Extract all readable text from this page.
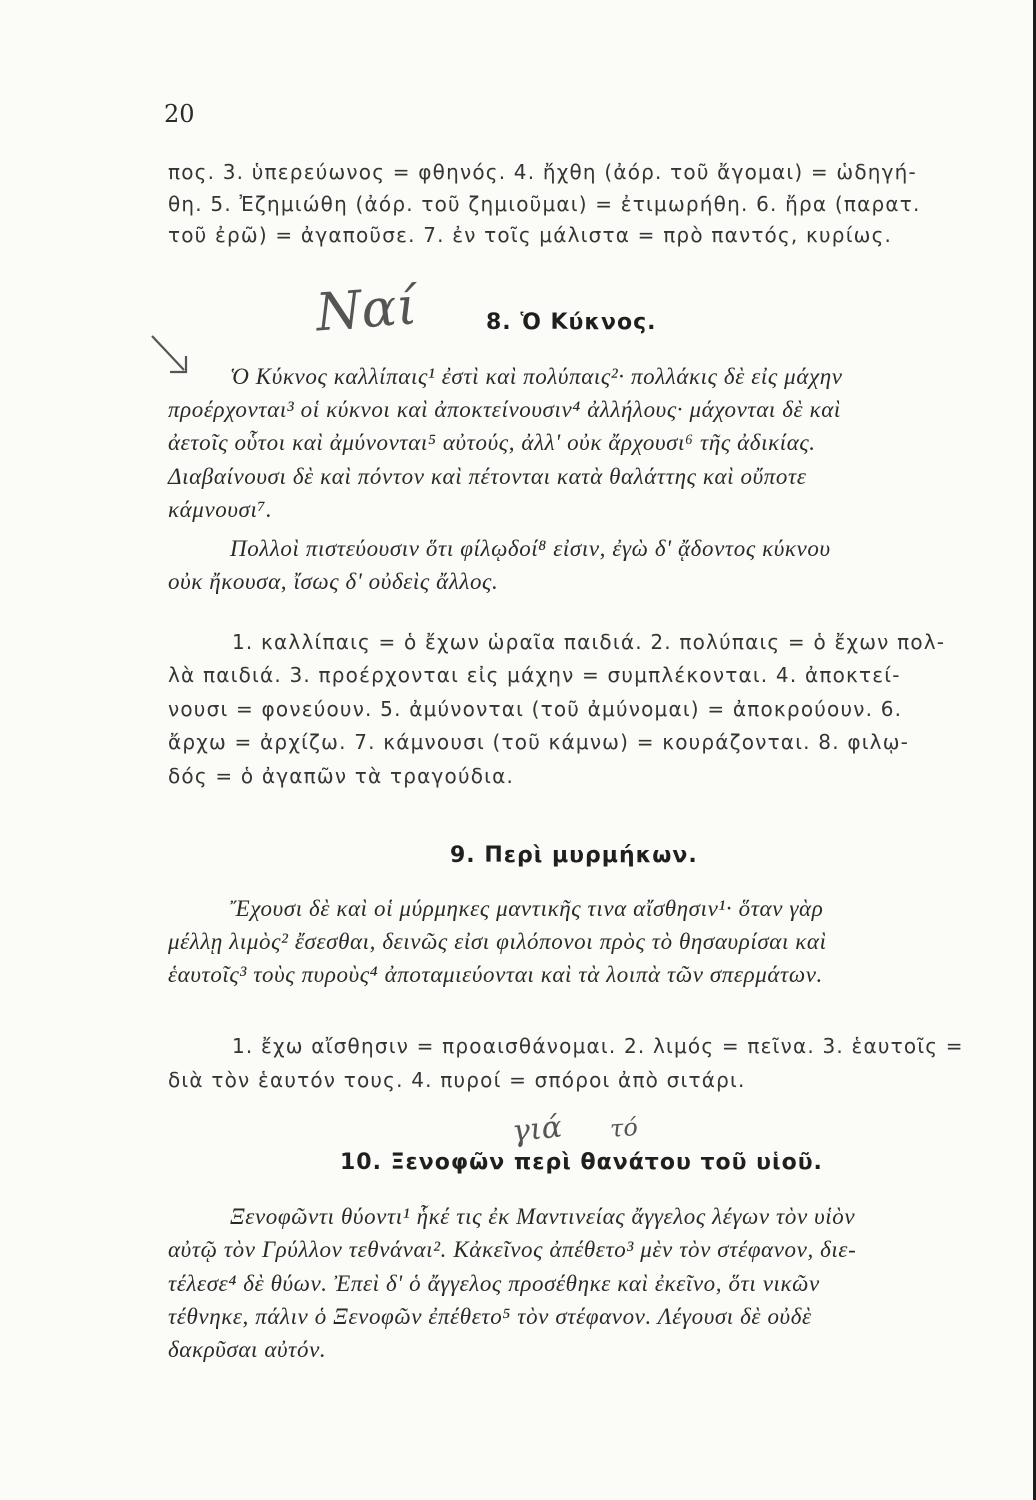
20
πος. 3. ὑπερεύωνος = φθηνός. 4. ἤχθη (ἀόρ. τοῦ ἄγομαι) = ὡδηγή-
θη. 5. Ἐζημιώθη (ἀόρ. τοῦ ζημιοῦμαι) = ἐτιμωρήθη. 6. ἤρα (παρατ.
τοῦ ἐρῶ) = ἀγαποῦσε. 7. ἐν τοῖς μάλιστα = πρὸ παντός, κυρίως.
Ναί	8. Ὁ Κύκνος.
Ὁ Κύκνος καλλίπαις¹ ἐστὶ καὶ πολύπαις²· πολλάκις δὲ εἰς μάχην
προέρχονται³ οἱ κύκνοι καὶ ἀποκτείνουσιν⁴ ἀλλήλους· μάχονται δὲ καὶ
ἀετοῖς οὗτοι καὶ ἀμύνονται⁵ αὐτούς, ἀλλ' οὐκ ἄρχουσι⁶ τῆς ἀδικίας.
Διαβαίνουσι δὲ καὶ πόντον καὶ πέτονται κατὰ θαλάττης καὶ οὔποτε
κάμνουσι⁷.
Πολλοὶ πιστεύουσιν ὅτι φίλῳδοί⁸ εἰσιν, ἐγὼ δ' ᾄδοντος κύκνου
οὐκ ἤκουσα, ἴσως δ' οὐδεὶς ἄλλος.
1. καλλίπαις = ὁ ἔχων ὡραῖα παιδιά. 2. πολύπαις = ὁ ἔχων πολ-
λὰ παιδιά. 3. προέρχονται εἰς μάχην = συμπλέκονται. 4. ἀποκτεί-
νουσι = φονεύουν. 5. ἀμύνονται (τοῦ ἀμύνομαι) = ἀποκρούουν. 6.
ἄρχω = ἀρχίζω. 7. κάμνουσι (τοῦ κάμνω) = κουράζονται. 8. φιλῳ-
δός = ὁ ἀγαπῶν τὰ τραγούδια.
9. Περὶ μυρμήκων.
Ἔχουσι δὲ καὶ οἱ μύρμηκες μαντικῆς τινα αἴσθησιν¹· ὅταν γὰρ
μέλλῃ λιμὸς² ἔσεσθαι, δεινῶς εἰσι φιλόπονοι πρὸς τὸ θησαυρίσαι καὶ
ἑαυτοῖς³ τοὺς πυροὺς⁴ ἀποταμιεύονται καὶ τὰ λοιπὰ τῶν σπερμάτων.
1. ἔχω αἴσθησιν = προαισθάνομαι. 2. λιμός = πεῖνα. 3. ἑαυτοῖς =
διὰ τὸν ἑαυτόν τους. 4. πυροί = σπόροι ἀπὸ σιτάρι.
γιά τό
10. Ξενοφῶν περὶ θανάτου τοῦ υἱοῦ.
Ξενοφῶντι θύοντι¹ ἧκέ τις ἐκ Μαντινείας ἄγγελος λέγων τὸν υἱὸν
αὐτῷ τὸν Γρύλλον τεθνάναι². Κἀκεῖνος ἀπέθετο³ μὲν τὸν στέφανον, διε-
τέλεσε⁴ δὲ θύων. Ἐπεὶ δ' ὁ ἄγγελος προσέθηκε καὶ ἐκεῖνο, ὅτι νικῶν
τέθνηκε, πάλιν ὁ Ξενοφῶν ἐπέθετο⁵ τὸν στέφανον. Λέγουσι δὲ οὐδὲ
δακρῦσαι αὐτόν.
